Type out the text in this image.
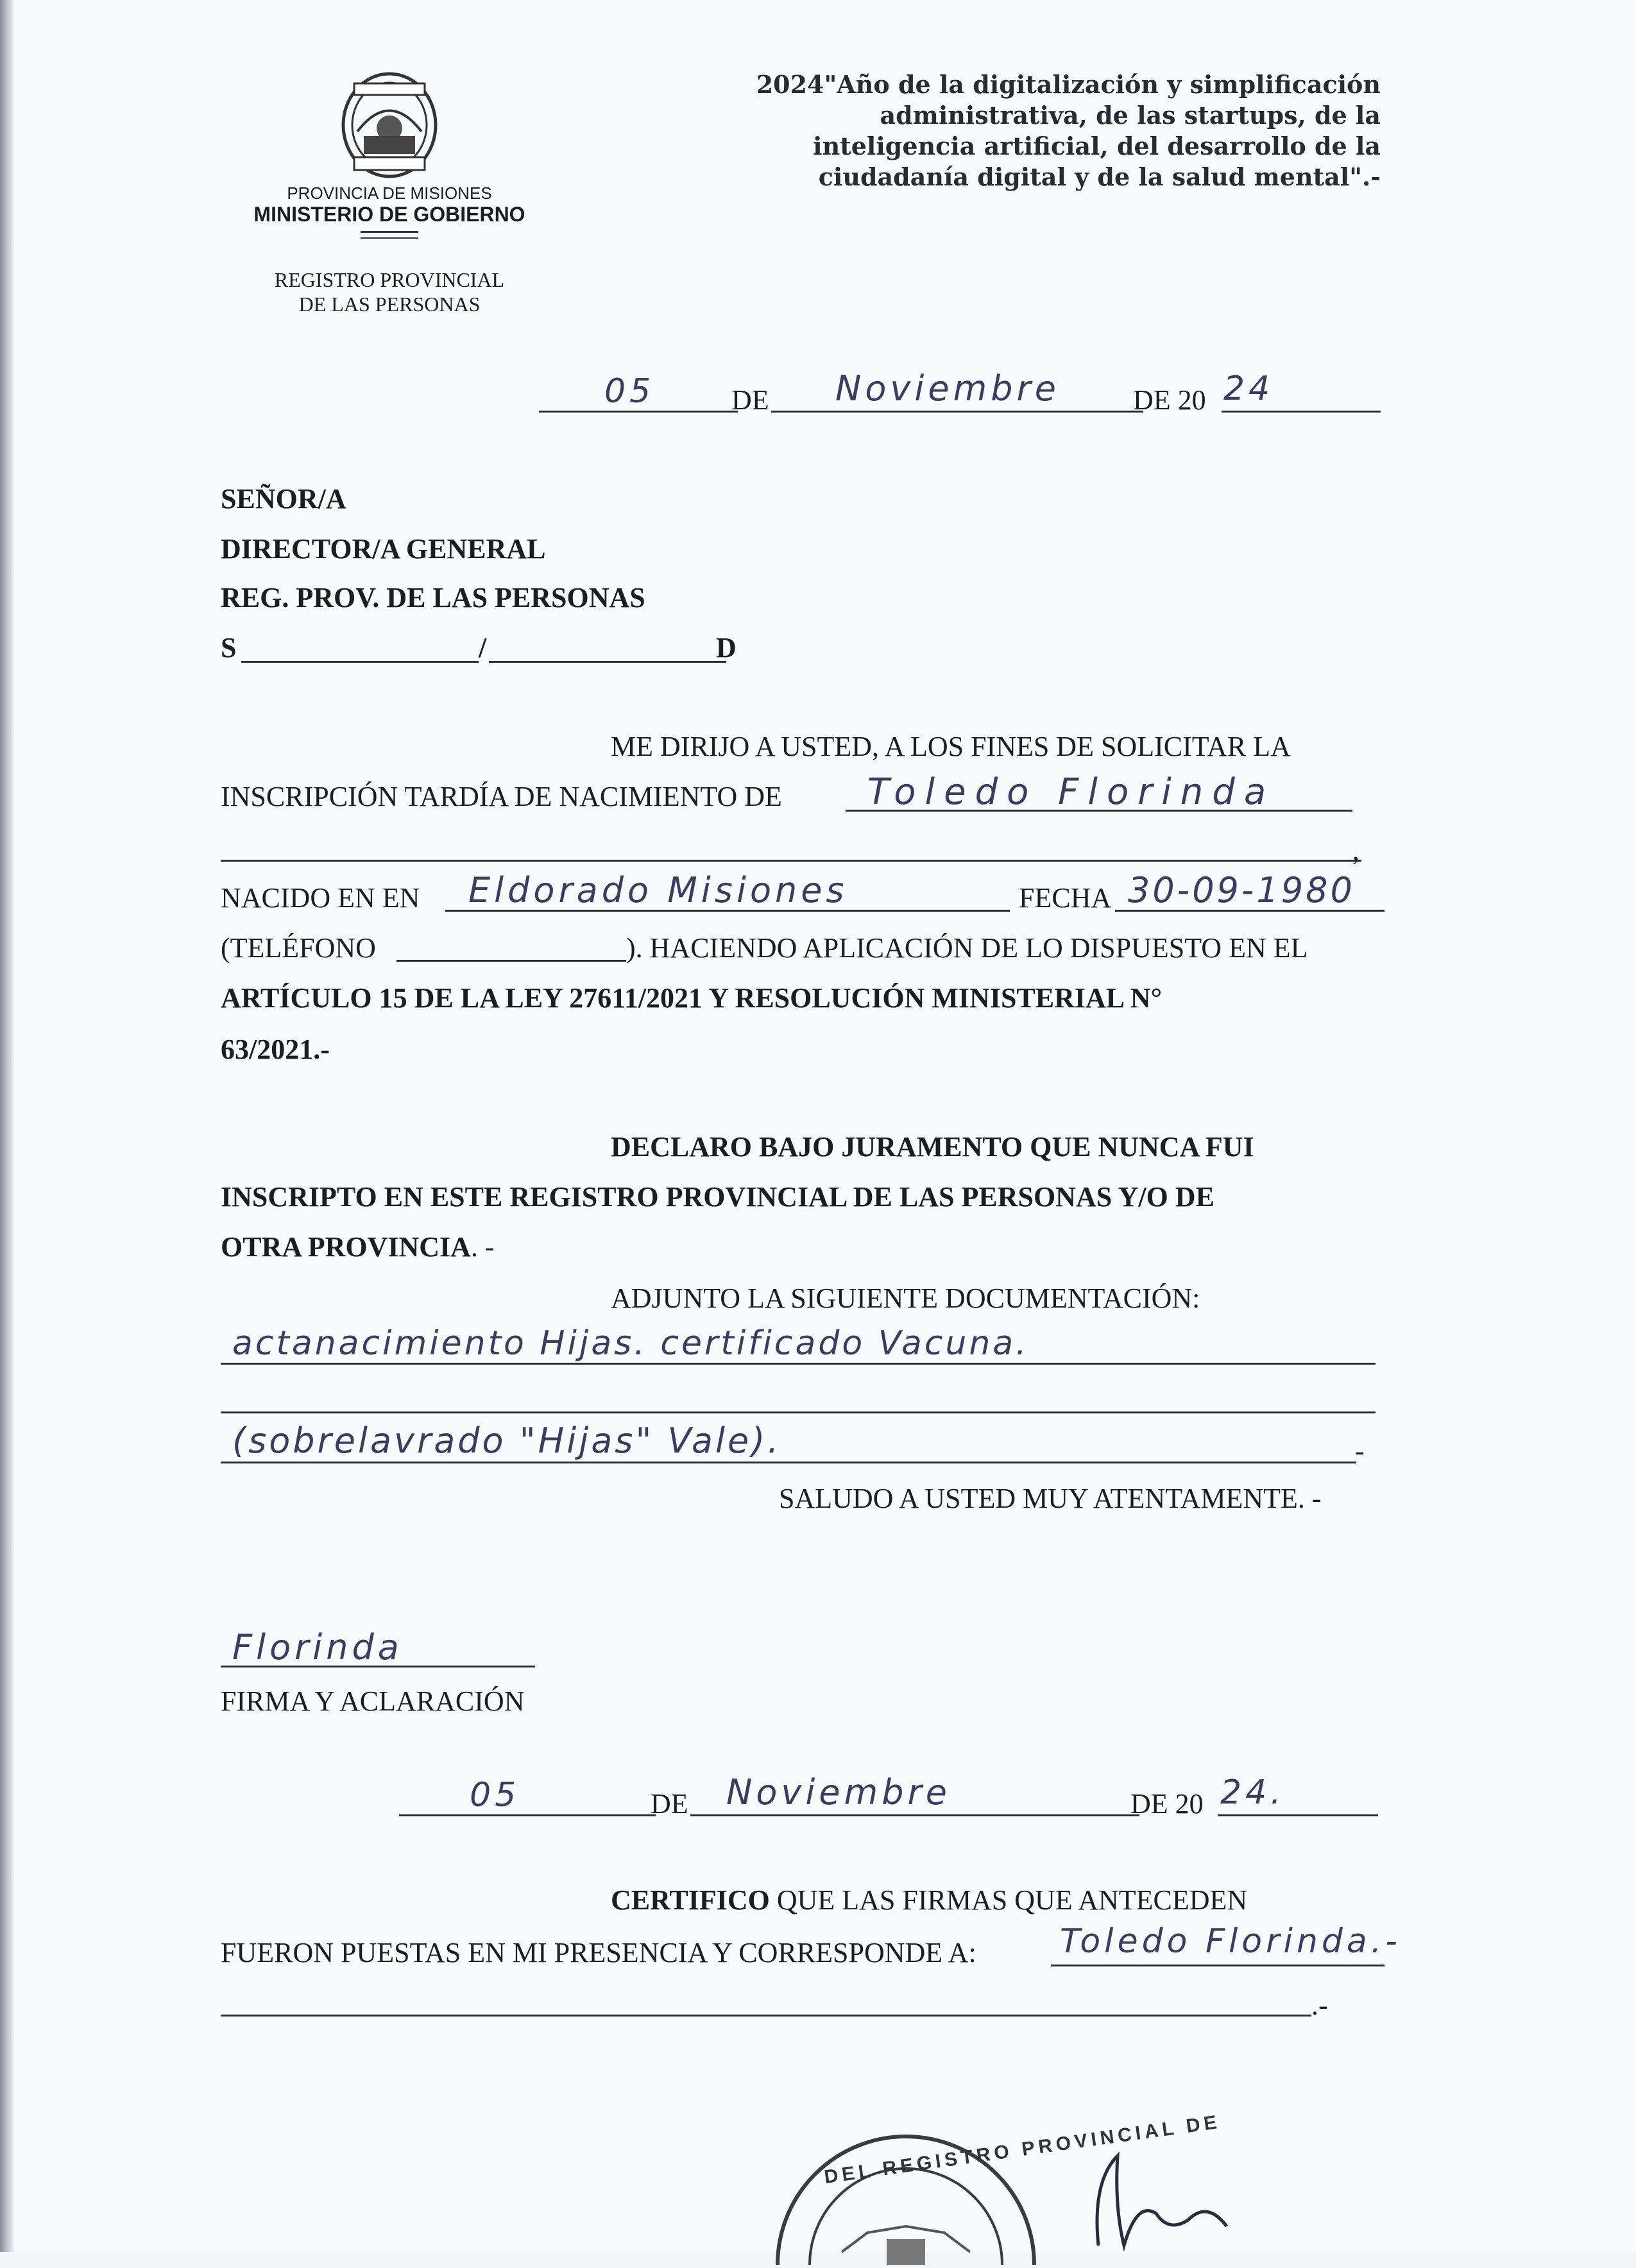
PROVINCIA DE MISIONES
MINISTERIO DE GOBIERNO
REGISTRO PROVINCIAL
DE LAS PERSONAS
2024"Año de la digitalización y simplificación
administrativa, de las startups, de la
inteligencia artificial, del desarrollo de la
ciudadanía digital y de la salud mental".-
05	DE Noviembre	DE 20 24
SEÑOR/A
DIRECTOR/A GENERAL
REG. PROV. DE LAS PERSONAS
S	/	D
ME DIRIJO A USTED, A LOS FINES DE SOLICITAR LA
INSCRIPCIÓN TARDÍA DE NACIMIENTO DE Toledo Florinda
,
NACIDO EN EN Eldorado Misiones	FECHA 30-09-1980
(TELÉFONO	). HACIENDO APLICACIÓN DE LO DISPUESTO EN EL
ARTÍCULO 15 DE LA LEY 27611/2021 Y RESOLUCIÓN MINISTERIAL N°
63/2021.-
DECLARO BAJO JURAMENTO QUE NUNCA FUI
INSCRIPTO EN ESTE REGISTRO PROVINCIAL DE LAS PERSONAS Y/O DE
OTRA PROVINCIA. -
ADJUNTO LA SIGUIENTE DOCUMENTACIÓN:
actanacimiento Hijas. certificado Vacuna.
(sobrelavrado "Hijas" Vale).	-
SALUDO A USTED MUY ATENTAMENTE. -
Florinda
FIRMA Y ACLARACIÓN
05	DE Noviembre	DE 20 24.
CERTIFICO QUE LAS FIRMAS QUE ANTECEDEN
FUERON PUESTAS EN MI PRESENCIA Y CORRESPONDE A:	Toledo Florinda.-
.-
DEL REGISTRO PROVINCIAL DE
